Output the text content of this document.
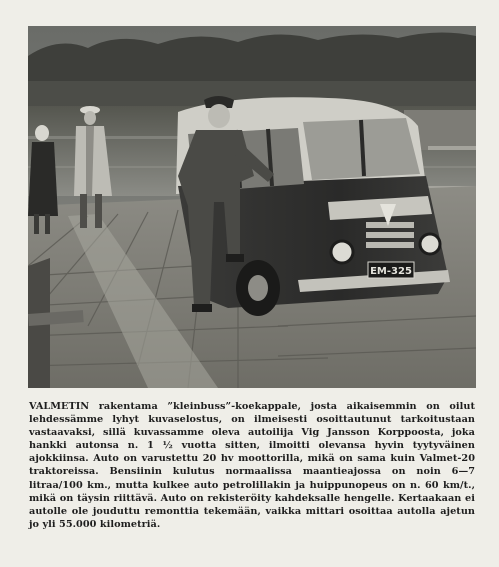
EM-325
VALMETIN rakentama ”kleinbuss”-koekappale, josta aikaisemmin on oilut lehdessämme lyhyt kuvaselostus, on ilmeisesti osoittautunut tarkoitustaan vastaavaksi, sillä kuvassamme oleva autoilija Vig Jansson Korppoosta, joka hankki autonsa n. 1 ½ vuotta sitten, ilmoitti olevansa hyvin tyytyväinen ajokkiinsa. Auto on varustettu 20 hv moottorilla, mikä on sama kuin Valmet-20 traktoreissa. Bensiinin kulutus normaalissa maantieajossa on noin 6—7 litraa/100 km., mutta kulkee auto petrolillakin ja huippunopeus on n. 60 km/t., mikä on täysin riittävä. Auto on rekisteröity kahdeksalle hengelle. Kertaakaan ei autolle ole jouduttu remonttia tekemään, vaikka mittari osoittaa autolla ajetun jo yli 55.000 kilometriä.
